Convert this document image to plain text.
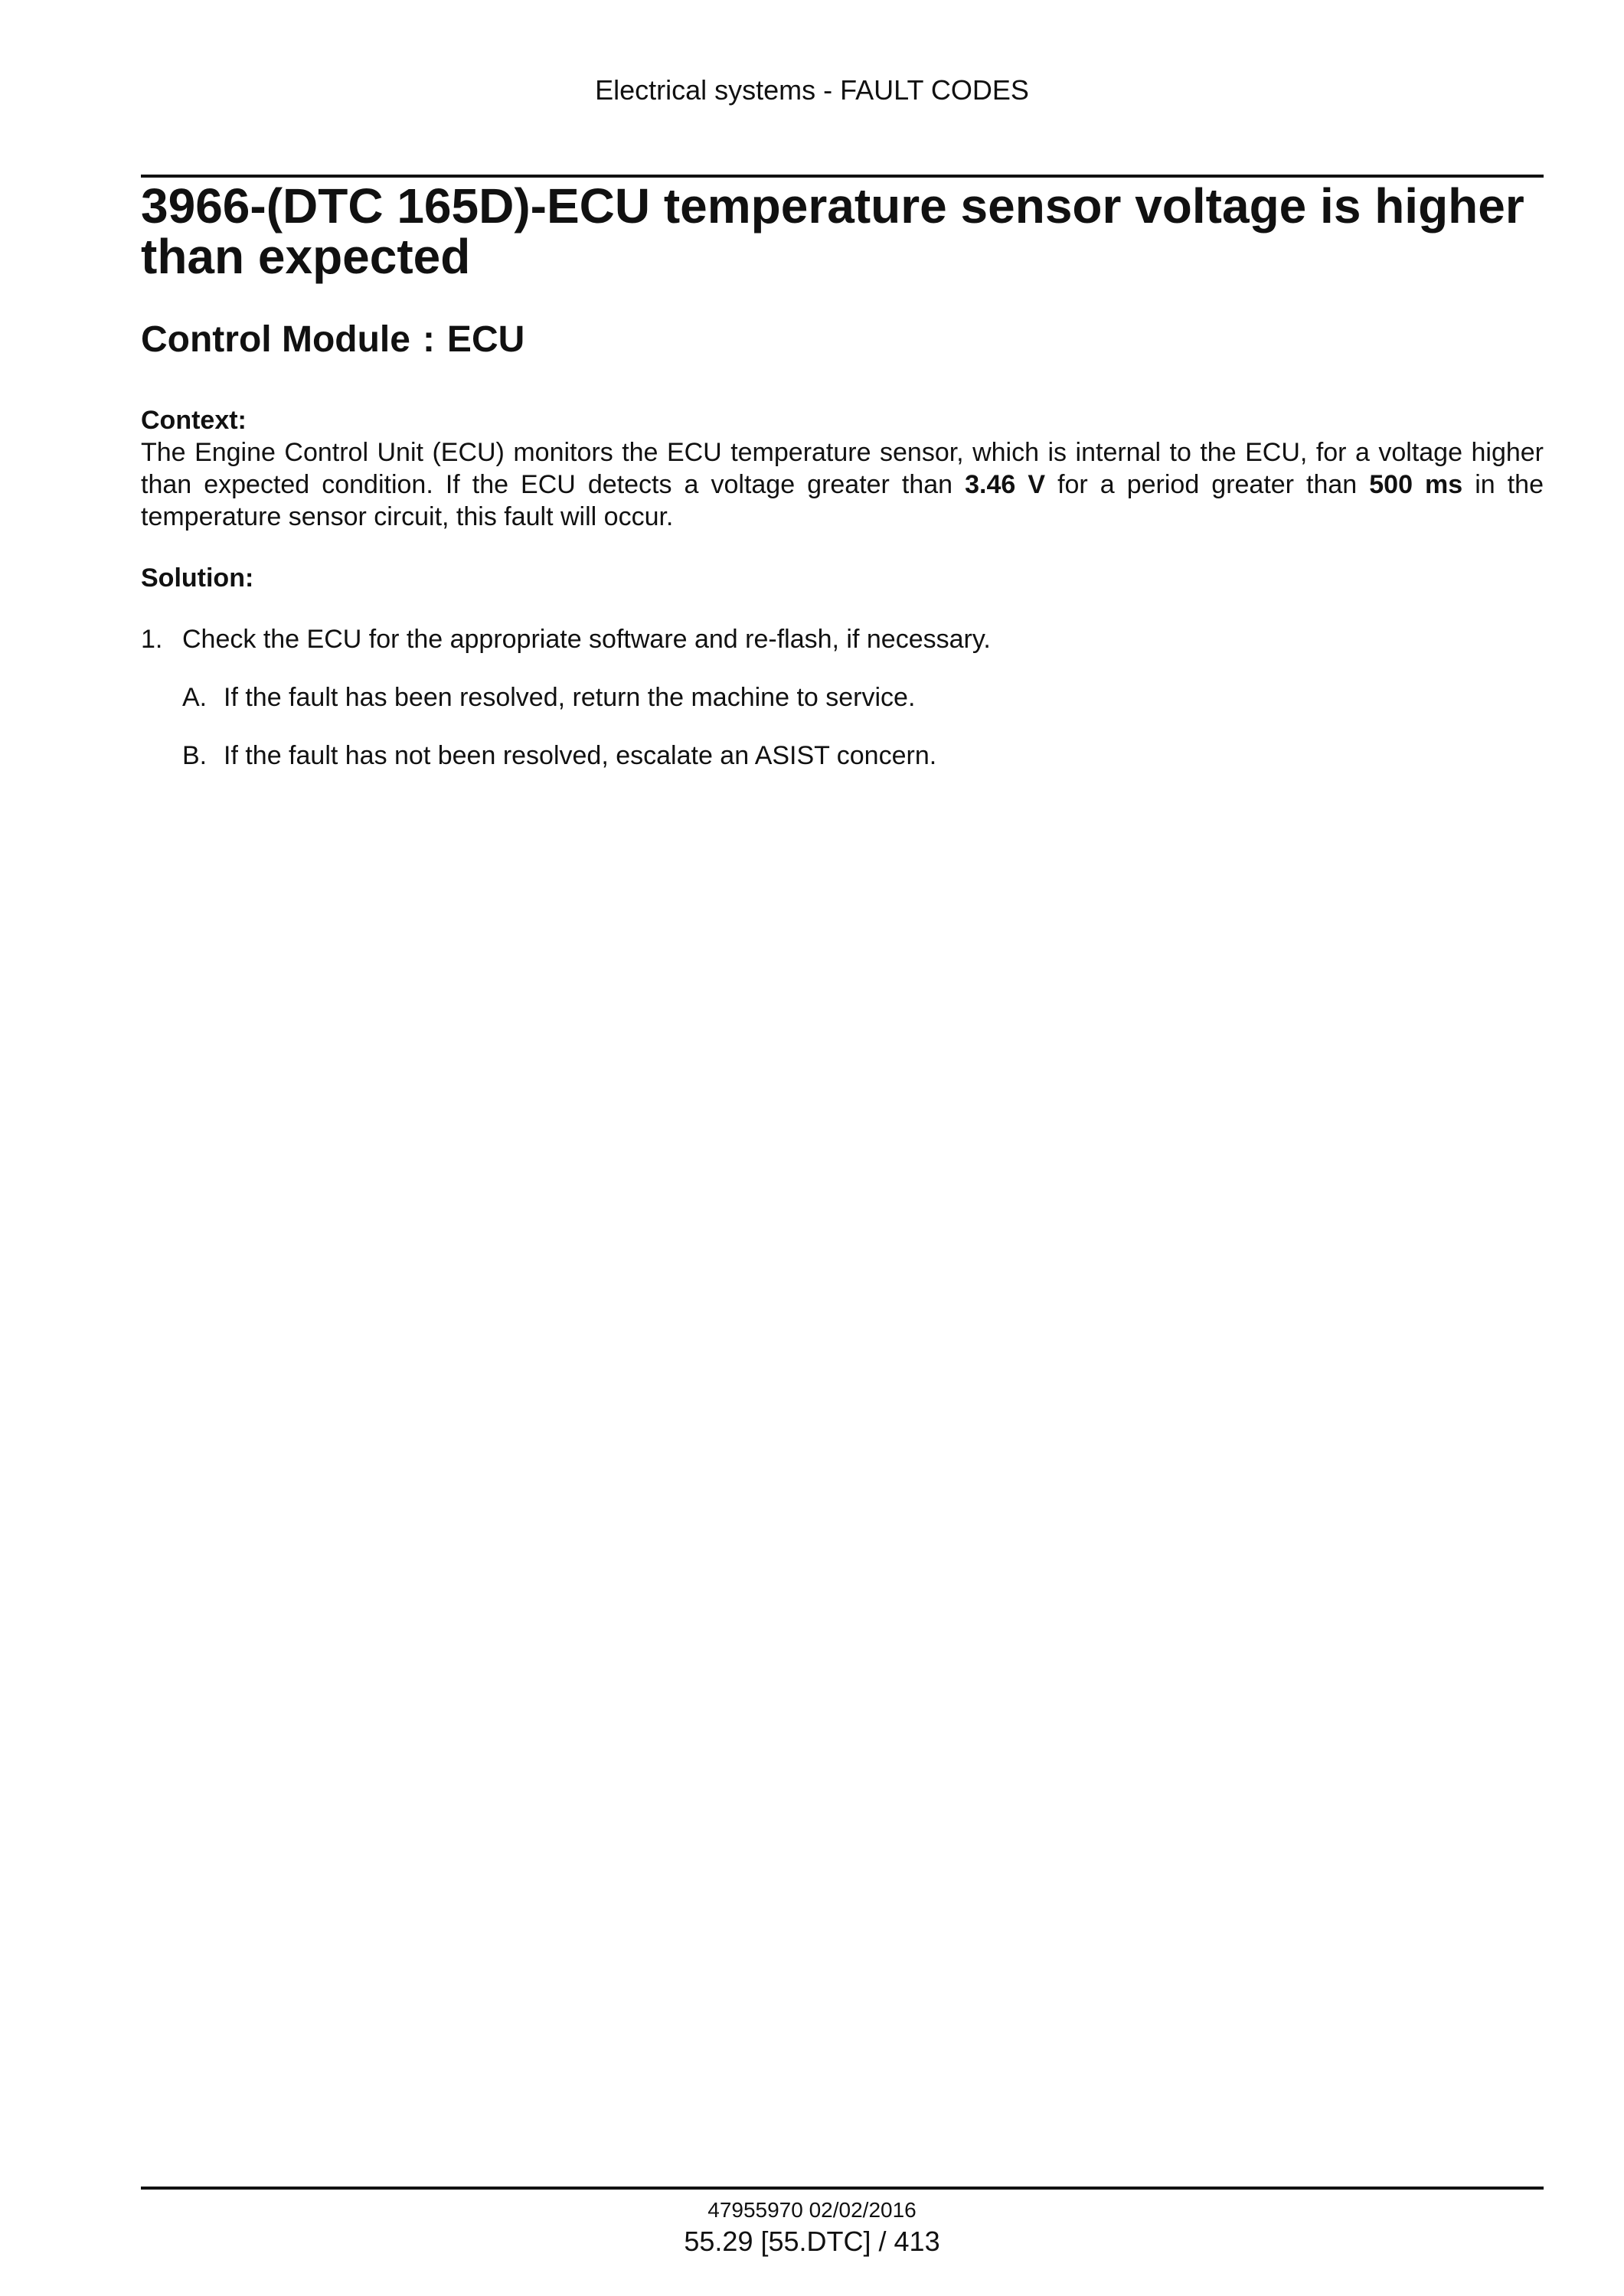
Electrical systems - FAULT CODES
3966-(DTC 165D)-ECU temperature sensor voltage is higher than expected
Control Module : ECU
Context:

The Engine Control Unit (ECU) monitors the ECU temperature sensor, which is internal to the ECU, for a voltage higher than expected condition. If the ECU detects a voltage greater than 3.46 V for a period greater than 500 ms in the temperature sensor circuit, this fault will occur.

Solution:
1. Check the ECU for the appropriate software and re-flash, if necessary.
A. If the fault has been resolved, return the machine to service.
B. If the fault has not been resolved, escalate an ASIST concern.
47955970 02/02/2016
55.29 [55.DTC] / 413
